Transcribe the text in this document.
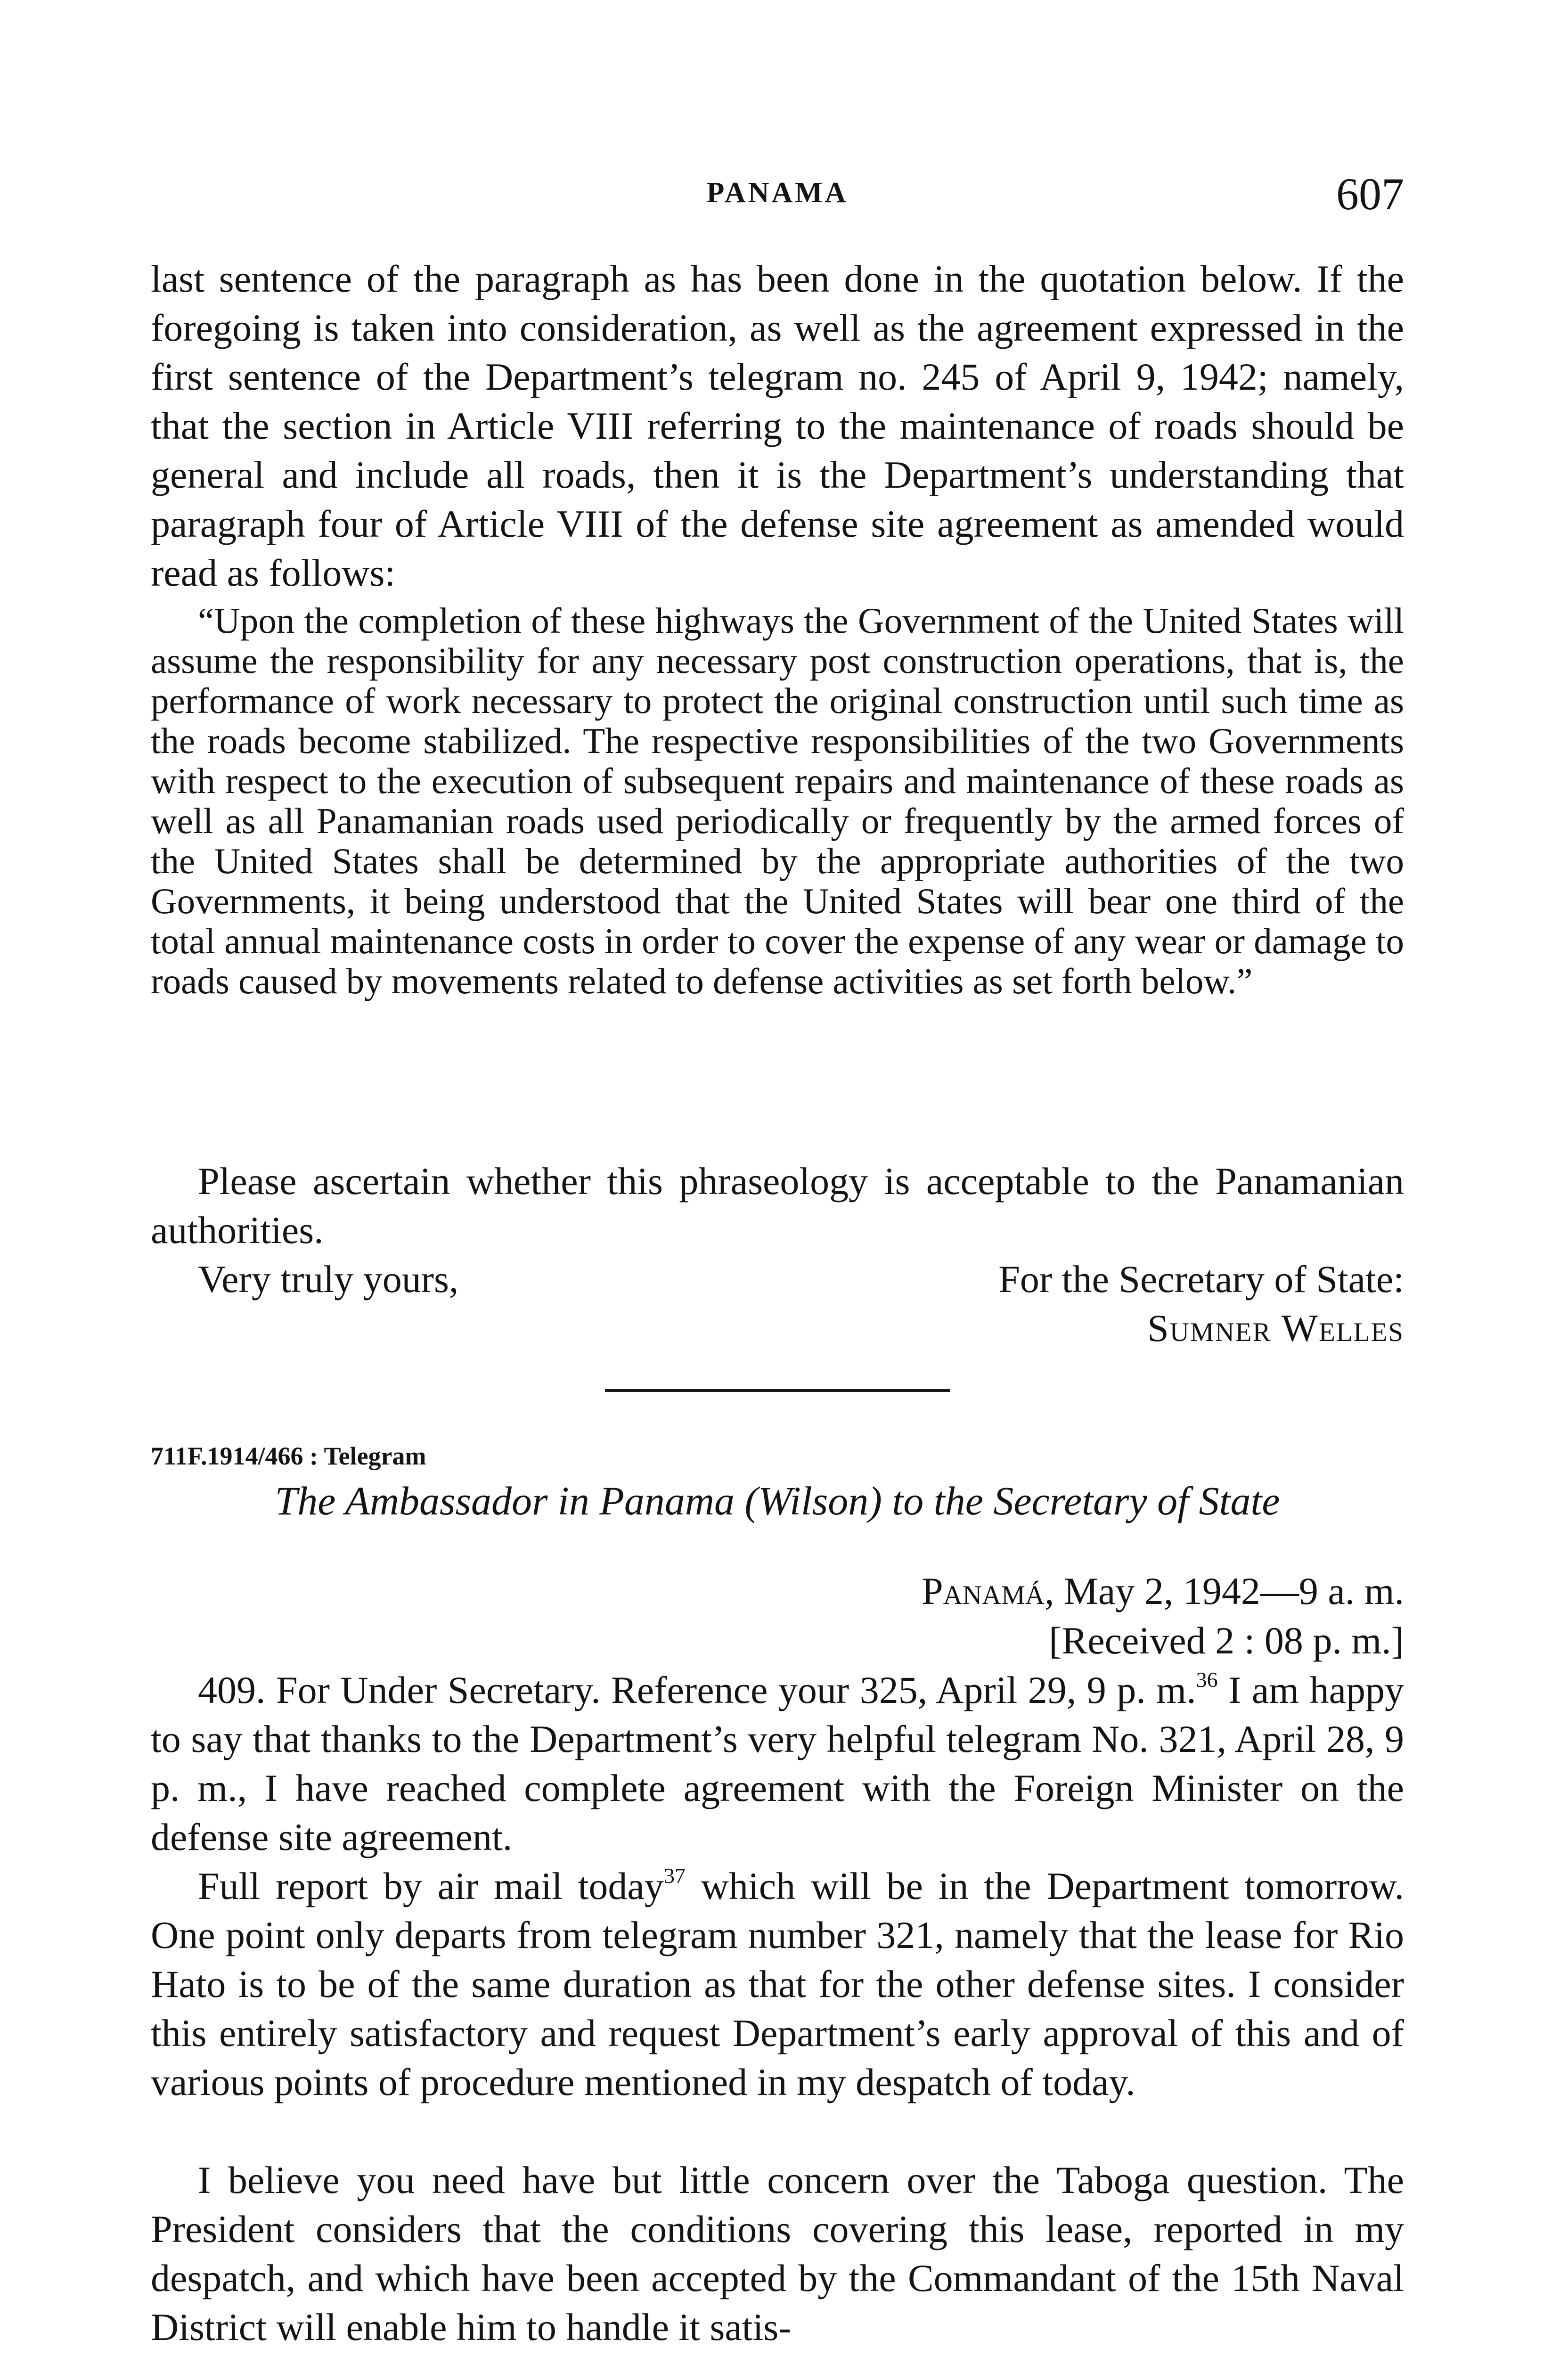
PANAMA	607

last sentence of the paragraph as has been done in the quotation below. If the foregoing is taken into consideration, as well as the agreement expressed in the first sentence of the Department’s telegram no. 245 of April 9, 1942; namely, that the section in Article VIII referring to the maintenance of roads should be general and include all roads, then it is the Department’s understanding that paragraph four of Article VIII of the defense site agreement as amended would read as follows:

“Upon the completion of these highways the Government of the United States will assume the responsibility for any necessary post construction operations, that is, the performance of work necessary to protect the original construction until such time as the roads become stabilized. The respective responsibilities of the two Governments with respect to the execution of subsequent repairs and maintenance of these roads as well as all Panamanian roads used periodically or frequently by the armed forces of the United States shall be determined by the appropriate authorities of the two Governments, it being understood that the United States will bear one third of the total annual maintenance costs in order to cover the expense of any wear or damage to roads caused by movements related to defense activities as set forth below.”

Please ascertain whether this phraseology is acceptable to the Panamanian authorities.

Very truly yours,	For the Secretary of State:
Sumner Welles
711F.1914/466 : Telegram
The Ambassador in Panama (Wilson) to the Secretary of State
Panamá, May 2, 1942—9 a. m.
[Received 2 : 08 p. m.]

409. For Under Secretary. Reference your 325, April 29, 9 p. m.$^{36}$ I am happy to say that thanks to the Department’s very helpful telegram No. 321, April 28, 9 p. m., I have reached complete agreement with the Foreign Minister on the defense site agreement.

Full report by air mail today$^{37}$ which will be in the Department tomorrow. One point only departs from telegram number 321, namely that the lease for Rio Hato is to be of the same duration as that for the other defense sites. I consider this entirely satisfactory and request Department’s early approval of this and of various points of procedure mentioned in my despatch of today.

I believe you need have but little concern over the Taboga question. The President considers that the conditions covering this lease, reported in my despatch, and which have been accepted by the Commandant of the 15th Naval District will enable him to handle it satis-
